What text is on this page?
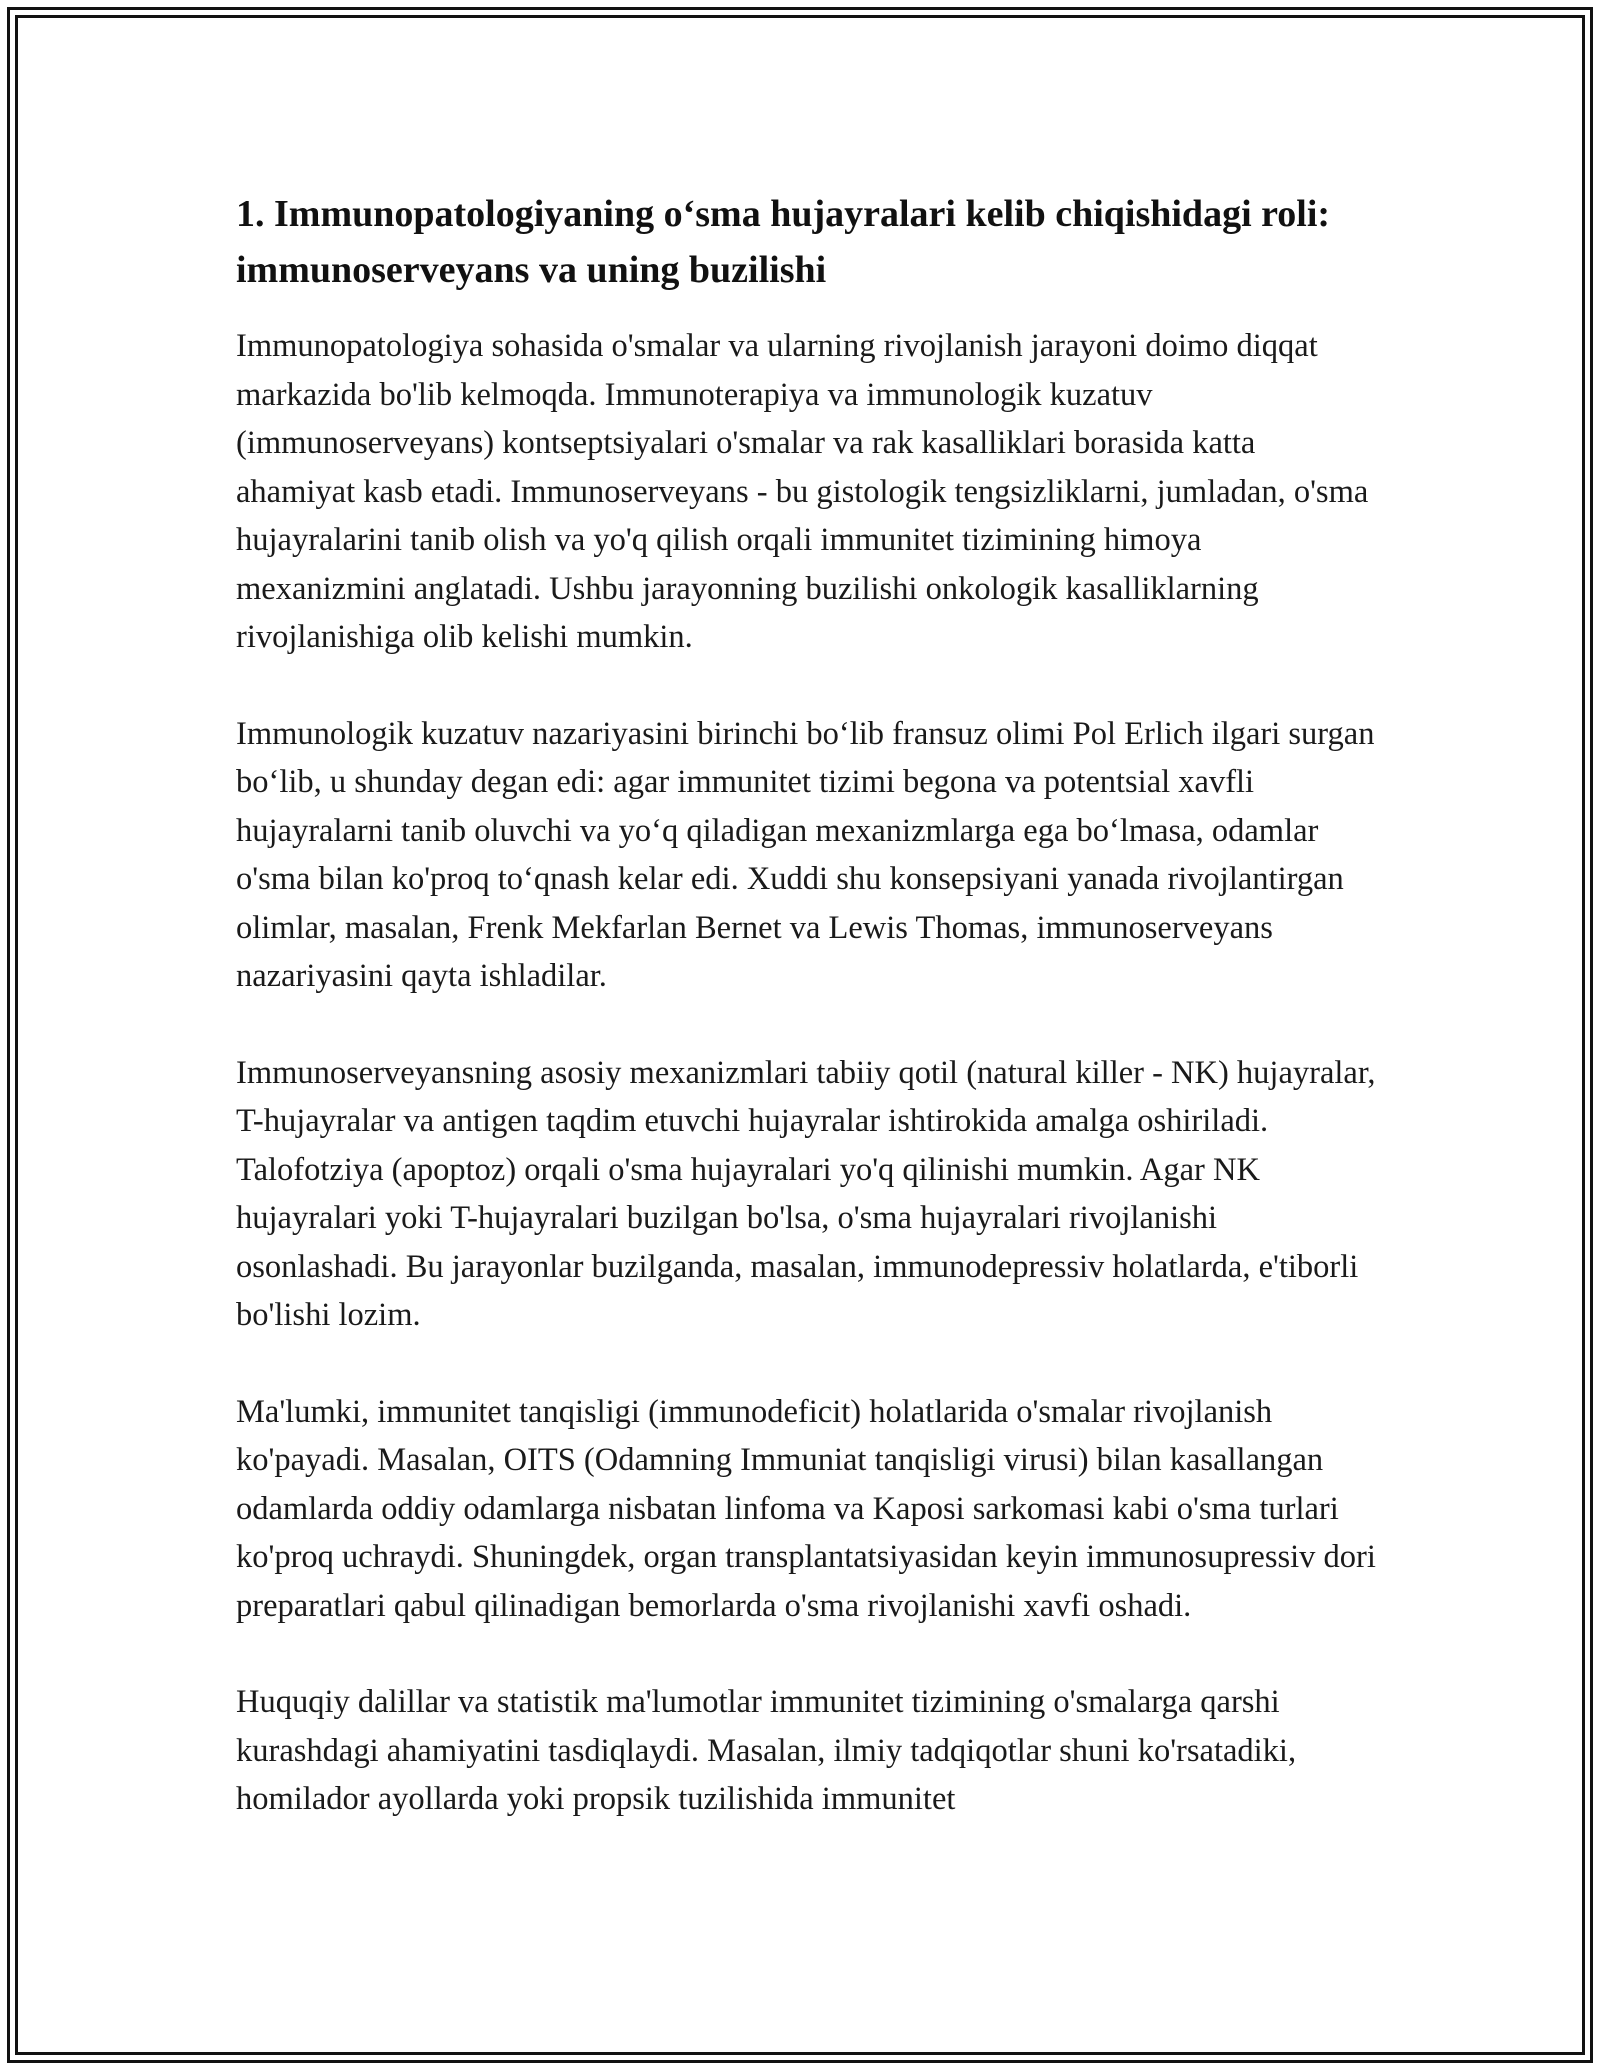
1. Immunopatologiyaning o‘sma hujayralari kelib chiqishidagi roli: immunoserveyans va uning buzilishi

Immunopatologiya sohasida o'smalar va ularning rivojlanish jarayoni doimo diqqat markazida bo'lib kelmoqda. Immunoterapiya va immunologik kuzatuv (immunoserveyans) kontseptsiyalari o'smalar va rak kasalliklari borasida katta ahamiyat kasb etadi. Immunoserveyans - bu gistologik tengsizliklarni, jumladan, o'sma hujayralarini tanib olish va yo'q qilish orqali immunitet tizimining himoya mexanizmini anglatadi. Ushbu jarayonning buzilishi onkologik kasalliklarning rivojlanishiga olib kelishi mumkin.

Immunologik kuzatuv nazariyasini birinchi bo‘lib fransuz olimi Pol Erlich ilgari surgan bo‘lib, u shunday degan edi: agar immunitet tizimi begona va potentsial xavfli hujayralarni tanib oluvchi va yo‘q qiladigan mexanizmlarga ega bo‘lmasa, odamlar o'sma bilan ko'proq to‘qnash kelar edi. Xuddi shu konsepsiyani yanada rivojlantirgan olimlar, masalan, Frenk Mekfarlan Bernet va Lewis Thomas, immunoserveyans nazariyasini qayta ishladilar.

Immunoserveyansning asosiy mexanizmlari tabiiy qotil (natural killer - NK) hujayralar, T-hujayralar va antigen taqdim etuvchi hujayralar ishtirokida amalga oshiriladi. Talofotziya (apoptoz) orqali o'sma hujayralari yo'q qilinishi mumkin. Agar NK hujayralari yoki T-hujayralari buzilgan bo'lsa, o'sma hujayralari rivojlanishi osonlashadi. Bu jarayonlar buzilganda, masalan, immunodepressiv holatlarda, e'tiborli bo'lishi lozim.

Ma'lumki, immunitet tanqisligi (immunodeficit) holatlarida o'smalar rivojlanish ko'payadi. Masalan, OITS (Odamning Immuniat tanqisligi virusi) bilan kasallangan odamlarda oddiy odamlarga nisbatan linfoma va Kaposi sarkomasi kabi o'sma turlari ko'proq uchraydi. Shuningdek, organ transplantatsiyasidan keyin immunosupressiv dori preparatlari qabul qilinadigan bemorlarda o'sma rivojlanishi xavfi oshadi.

Huquqiy dalillar va statistik ma'lumotlar immunitet tizimining o'smalarga qarshi kurashdagi ahamiyatini tasdiqlaydi. Masalan, ilmiy tadqiqotlar shuni ko'rsatadiki, homilador ayollarda yoki propsik tuzilishida immunitet
